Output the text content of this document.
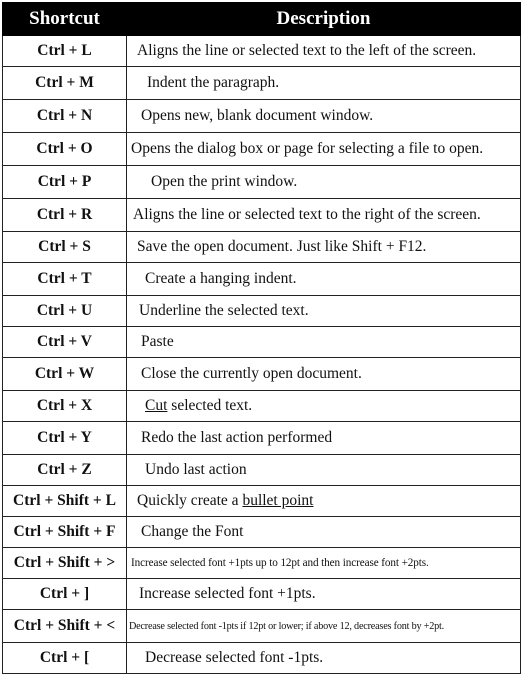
Shortcut	Description
Ctrl + L	Aligns the line or selected text to the left of the screen.
Ctrl + M	Indent the paragraph.
Ctrl + N	Opens new, blank document window.
Ctrl + O	Opens the dialog box or page for selecting a file to open.
Ctrl + P	Open the print window.
Ctrl + R	Aligns the line or selected text to the right of the screen.
Ctrl + S	Save the open document. Just like Shift + F12.
Ctrl + T	Create a hanging indent.
Ctrl + U	Underline the selected text.
Ctrl + V	Paste
Ctrl + W	Close the currently open document.
Ctrl + X	Cut selected text.
Ctrl + Y	Redo the last action performed
Ctrl + Z	Undo last action
Ctrl + Shift + L	Quickly create a bullet point
Ctrl + Shift + F	Change the Font
Ctrl + Shift + >	Increase selected font +1pts up to 12pt and then increase font +2pts.
Ctrl + ]	Increase selected font +1pts.
Ctrl + Shift + <	Decrease selected font -1pts if 12pt or lower; if above 12, decreases font by +2pt.
Ctrl + [	Decrease selected font -1pts.
